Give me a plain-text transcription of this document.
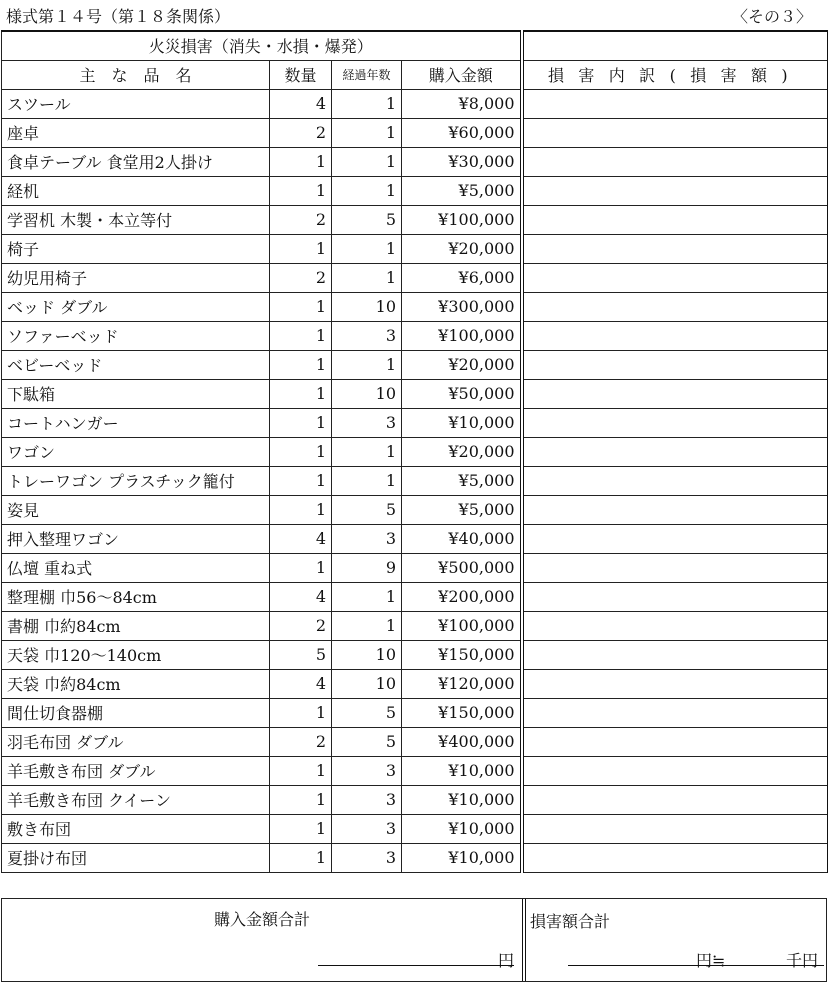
様式第１４号（第１８条関係）	〈その３〉
火災損害（消失・水損・爆発）				
主　な　品　名	数量	経過年数	購入金額	損害内訳(損害額)
スツール	4	1	¥8,000	
座卓	2	1	¥60,000	
食卓テーブル 食堂用2人掛け	1	1	¥30,000	
経机	1	1	¥5,000	
学習机 木製・本立等付	2	5	¥100,000	
椅子	1	1	¥20,000	
幼児用椅子	2	1	¥6,000	
ベッド ダブル	1	10	¥300,000	
ソファーベッド	1	3	¥100,000	
ベビーベッド	1	1	¥20,000	
下駄箱	1	10	¥50,000	
コートハンガー	1	3	¥10,000	
ワゴン	1	1	¥20,000	
トレーワゴン プラスチック籠付	1	1	¥5,000	
姿見	1	5	¥5,000	
押入整理ワゴン	4	3	¥40,000	
仏壇 重ね式	1	9	¥500,000	
整理棚 巾56～84cm	4	1	¥200,000	
書棚 巾約84cm	2	1	¥100,000	
天袋 巾120～140cm	5	10	¥150,000	
天袋 巾約84cm	4	10	¥120,000	
間仕切食器棚	1	5	¥150,000	
羽毛布団 ダブル	2	5	¥400,000	
羊毛敷き布団 ダブル	1	3	¥10,000	
羊毛敷き布団 クイーン	1	3	¥10,000	
敷き布団	1	3	¥10,000	
夏掛け布団	1	3	¥10,000	
購入金額合計
円
損害額合計
円≒	千円
